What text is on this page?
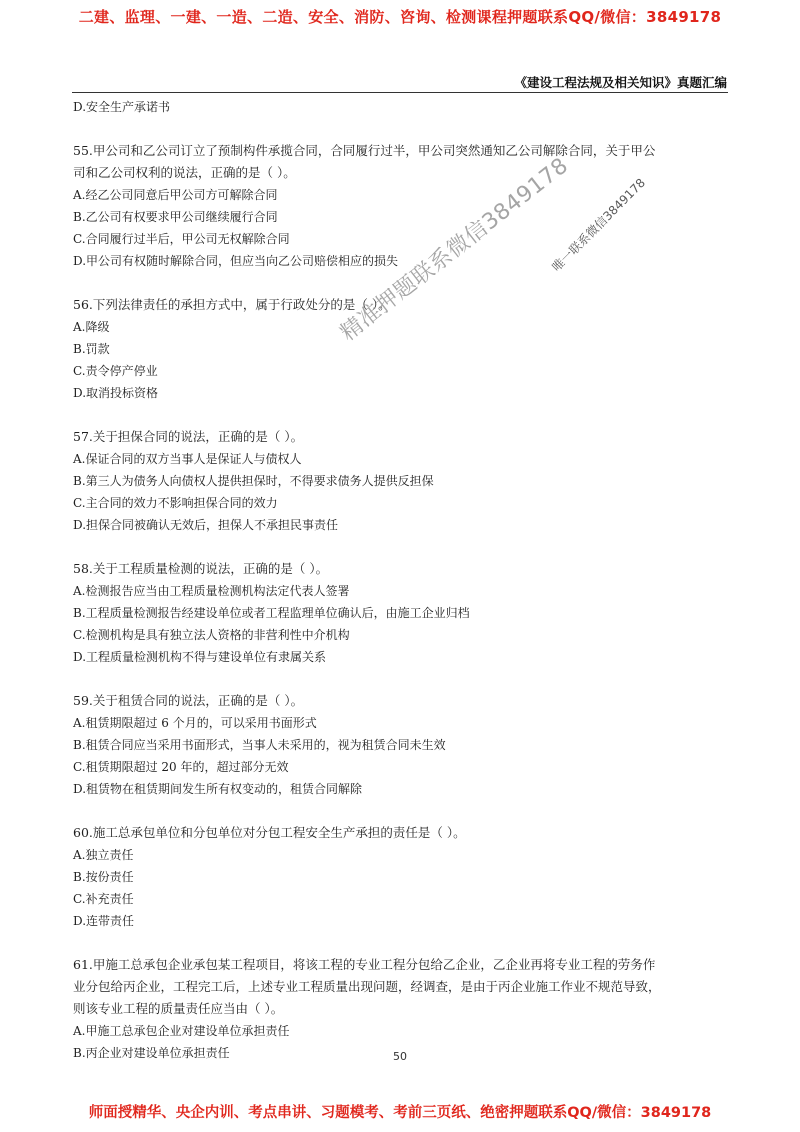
二建、监理、一建、一造、二造、安全、消防、咨询、检测课程押题联系QQ/微信：3849178
《建设工程法规及相关知识》真题汇编

D.安全生产承诺书

55.甲公司和乙公司订立了预制构件承揽合同，合同履行过半，甲公司突然通知乙公司解除合同，关于甲公

司和乙公司权利的说法，正确的是（ ）。

A.经乙公司同意后甲公司方可解除合同

B.乙公司有权要求甲公司继续履行合同

C.合同履行过半后，甲公司无权解除合同

D.甲公司有权随时解除合同，但应当向乙公司赔偿相应的损失

56.下列法律责任的承担方式中，属于行政处分的是（ ）。

A.降级

B.罚款

C.责令停产停业

D.取消投标资格

57.关于担保合同的说法，正确的是（ ）。

A.保证合同的双方当事人是保证人与债权人

B.第三人为债务人向债权人提供担保时，不得要求债务人提供反担保

C.主合同的效力不影响担保合同的效力

D.担保合同被确认无效后，担保人不承担民事责任

58.关于工程质量检测的说法，正确的是（ ）。

A.检测报告应当由工程质量检测机构法定代表人签署

B.工程质量检测报告经建设单位或者工程监理单位确认后，由施工企业归档

C.检测机构是具有独立法人资格的非营利性中介机构

D.工程质量检测机构不得与建设单位有隶属关系

59.关于租赁合同的说法，正确的是（ ）。

A.租赁期限超过 6 个月的，可以采用书面形式

B.租赁合同应当采用书面形式，当事人未采用的，视为租赁合同未生效

C.租赁期限超过 20 年的，超过部分无效

D.租赁物在租赁期间发生所有权变动的，租赁合同解除

60.施工总承包单位和分包单位对分包工程安全生产承担的责任是（ ）。

A.独立责任

B.按份责任

C.补充责任

D.连带责任

61.甲施工总承包企业承包某工程项目，将该工程的专业工程分包给乙企业，乙企业再将专业工程的劳务作

业分包给丙企业，工程完工后，上述专业工程质量出现问题，经调查，是由于丙企业施工作业不规范导致，

则该专业工程的质量责任应当由（ ）。

A.甲施工总承包企业对建设单位承担责任

B.丙企业对建设单位承担责任

精准押题联系微信3849178
唯一联系微信3849178
50
师面授精华、央企内训、考点串讲、习题模考、考前三页纸、绝密押题联系QQ/微信：3849178
